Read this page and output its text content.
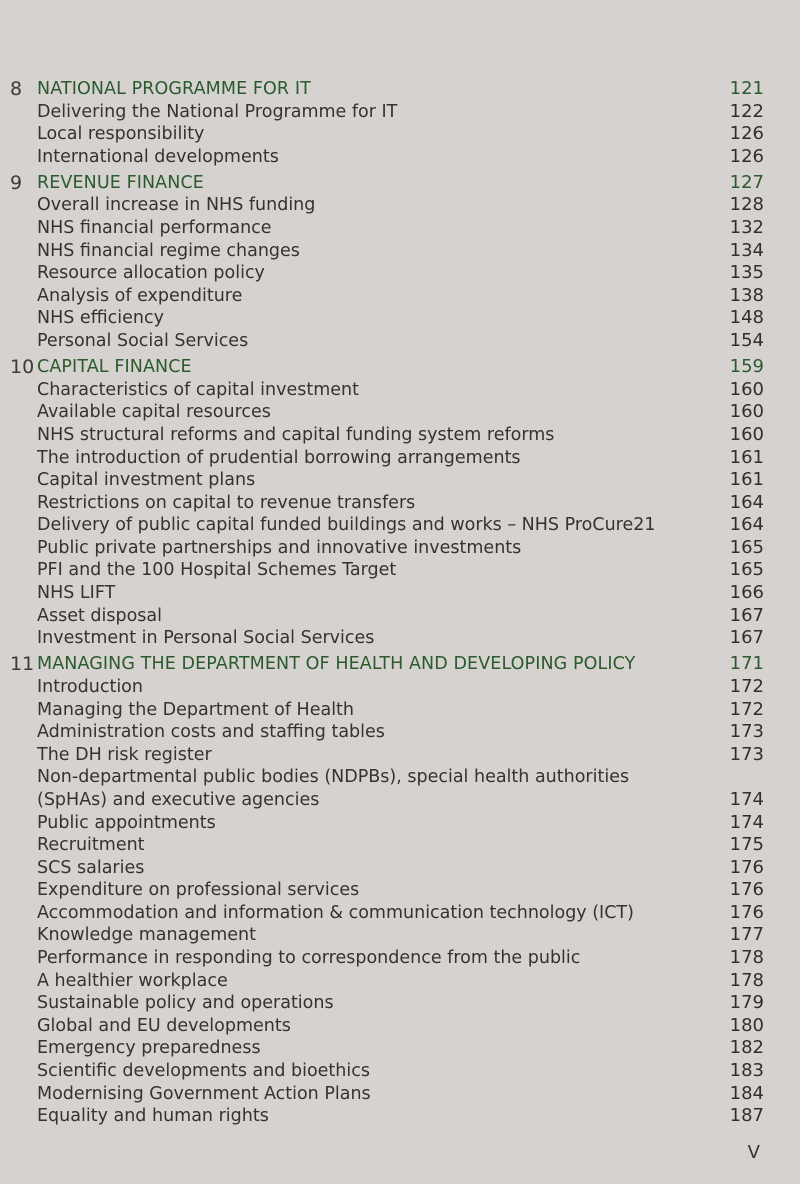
8 NATIONAL PROGRAMME FOR IT	121
Delivering the National Programme for IT	122
Local responsibility	126
International developments	126
9 REVENUE FINANCE	127
Overall increase in NHS funding	128
NHS financial performance	132
NHS financial regime changes	134
Resource allocation policy	135
Analysis of expenditure	138
NHS efficiency	148
Personal Social Services	154
10 CAPITAL FINANCE	159
Characteristics of capital investment	160
Available capital resources	160
NHS structural reforms and capital funding system reforms	160
The introduction of prudential borrowing arrangements	161
Capital investment plans	161
Restrictions on capital to revenue transfers	164
Delivery of public capital funded buildings and works – NHS ProCure21	164
Public private partnerships and innovative investments	165
PFI and the 100 Hospital Schemes Target	165
NHS LIFT	166
Asset disposal	167
Investment in Personal Social Services	167
11 MANAGING THE DEPARTMENT OF HEALTH AND DEVELOPING POLICY	171
Introduction	172
Managing the Department of Health	172
Administration costs and staffing tables	173
The DH risk register	173
Non-departmental public bodies (NDPBs), special health authorities (SpHAs) and executive agencies	174
Public appointments	174
Recruitment	175
SCS salaries	176
Expenditure on professional services	176
Accommodation and information & communication technology (ICT)	176
Knowledge management	177
Performance in responding to correspondence from the public	178
A healthier workplace	178
Sustainable policy and operations	179
Global and EU developments	180
Emergency preparedness	182
Scientific developments and bioethics	183
Modernising Government Action Plans	184
Equality and human rights	187
V
